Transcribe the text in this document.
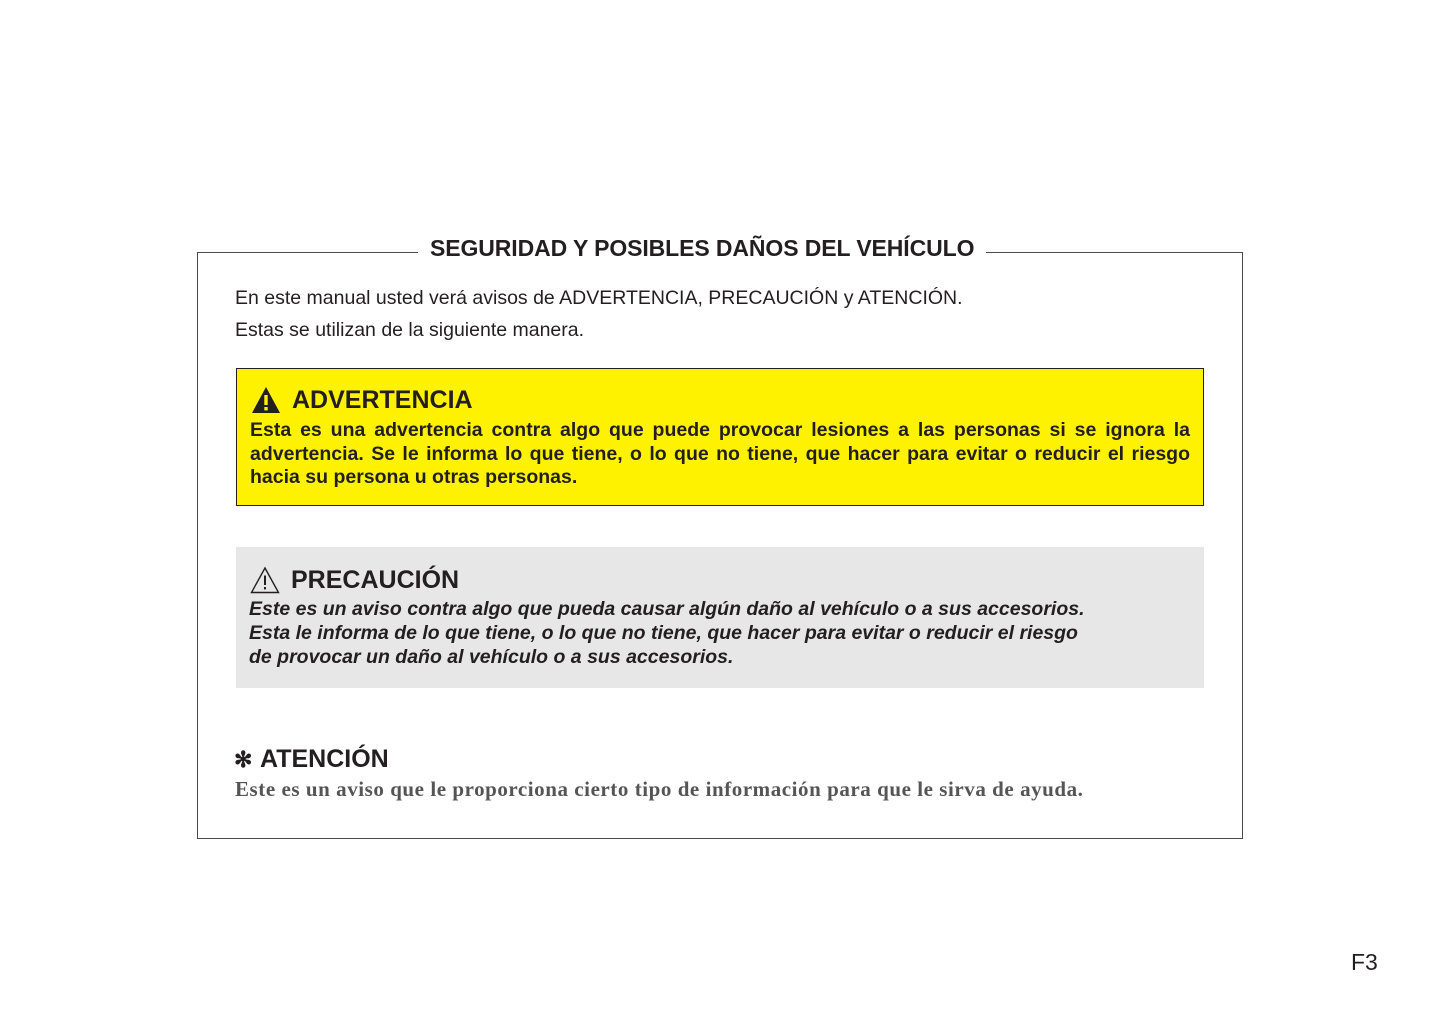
SEGURIDAD Y POSIBLES DAÑOS DEL VEHÍCULO
En este manual usted verá avisos de ADVERTENCIA, PRECAUCIÓN y ATENCIÓN.
Estas se utilizan de la siguiente manera.
ADVERTENCIA
Esta es una advertencia contra algo que puede provocar lesiones a las personas si se ignora la advertencia. Se le informa lo que tiene, o lo que no tiene, que hacer para evitar o reducir el riesgo hacia su persona u otras personas.
PRECAUCIÓN
Este es un aviso contra algo que pueda causar algún daño al vehículo o a sus accesorios.
Esta le informa de lo que tiene, o lo que no tiene, que hacer para evitar o reducir el riesgo
de provocar un daño al vehículo o a sus accesorios.
✻ ATENCIÓN
Este es un aviso que le proporciona cierto tipo de información para que le sirva de ayuda.
F3
